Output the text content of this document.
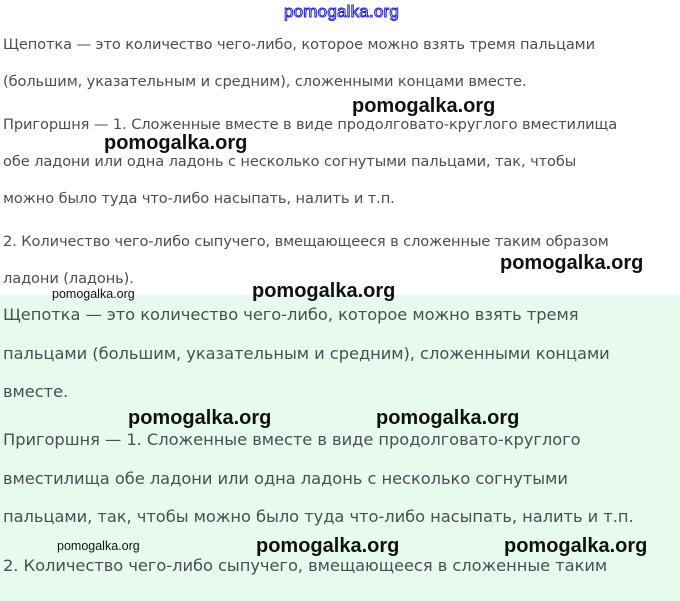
pomogalka.org

Щепотка — это количество чего-либо, которое можно взять тремя пальцами
(большим, указательным и средним), сложенными концами вместе.

Пригоршня — 1. Сложенные вместе в виде продолговато-круглого вместилища
обе ладони или одна ладонь с несколько согнутыми пальцами, так, чтобы
можно было туда что-либо насыпать, налить и т.п.

2. Количество чего-либо сыпучего, вмещающееся в сложенные таким образом
ладони (ладонь).

Щепотка — это количество чего-либо, которое можно взять тремя
пальцами (большим, указательным и средним), сложенными концами
вместе.

Пригоршня — 1. Сложенные вместе в виде продолговато-круглого
вместилища обе ладони или одна ладонь с несколько согнутыми
пальцами, так, чтобы можно было туда что-либо насыпать, налить и т.п.

2. Количество чего-либо сыпучего, вмещающееся в сложенные таким

pomogalka.org
pomogalka.org
pomogalka.org
pomogalka.org	pomogalka.org
pomogalka.org	pomogalka.org
pomogalka.org	pomogalka.org	pomogalka.org
